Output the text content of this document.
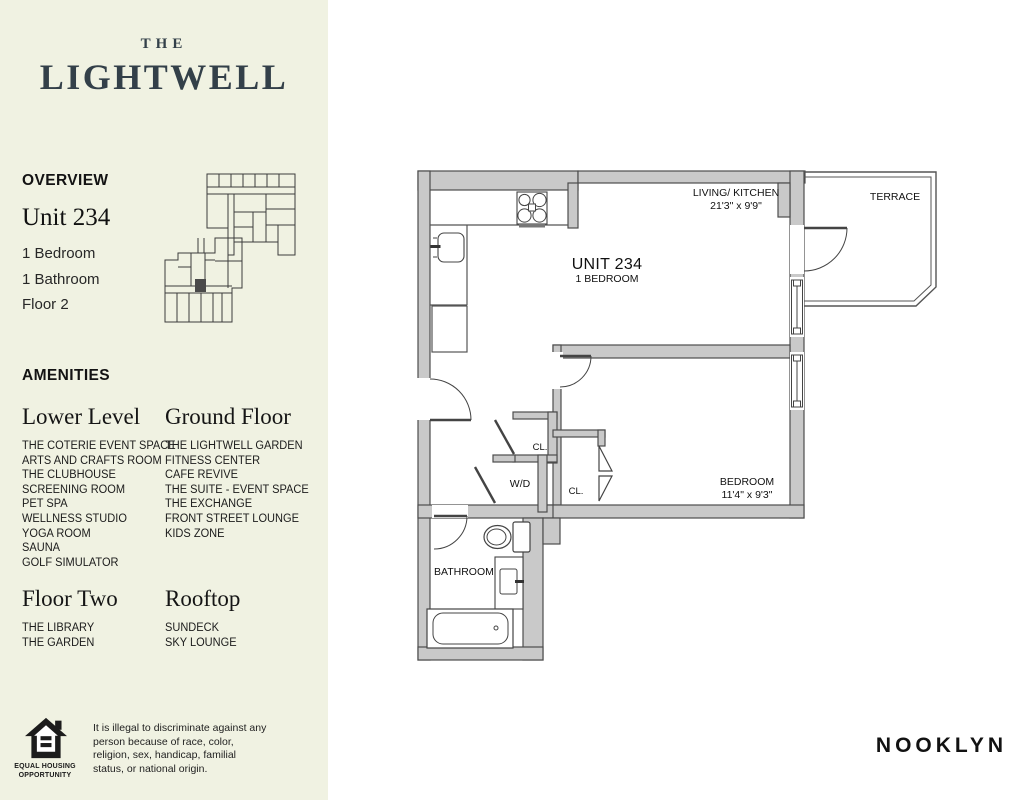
THE
LIGHTWELL
OVERVIEW
Unit 234
1 Bedroom
1 Bathroom
Floor 2
AMENITIES
Lower Level
THE COTERIE EVENT SPACE
ARTS AND CRAFTS ROOM
THE CLUBHOUSE
SCREENING ROOM
PET SPA
WELLNESS STUDIO
YOGA ROOM
SAUNA
GOLF SIMULATOR
Ground Floor
THE LIGHTWELL GARDEN
FITNESS CENTER
CAFE REVIVE
THE SUITE - EVENT SPACE
THE EXCHANGE
FRONT STREET LOUNGE
KIDS ZONE
Floor Two
THE LIBRARY
THE GARDEN
Rooftop
SUNDECK
SKY LOUNGE
EQUAL HOUSING OPPORTUNITY
It is illegal to discriminate against any person because of race, color, religion, sex, handicap, familial status, or national origin.
LIVING/ KITCHEN
21'3" x 9'9"
TERRACE
UNIT 234
1 BEDROOM
BEDROOM
11'4" x 9'3"
BATHROOM
W/D
CL.
CL.
NOOKLYN
